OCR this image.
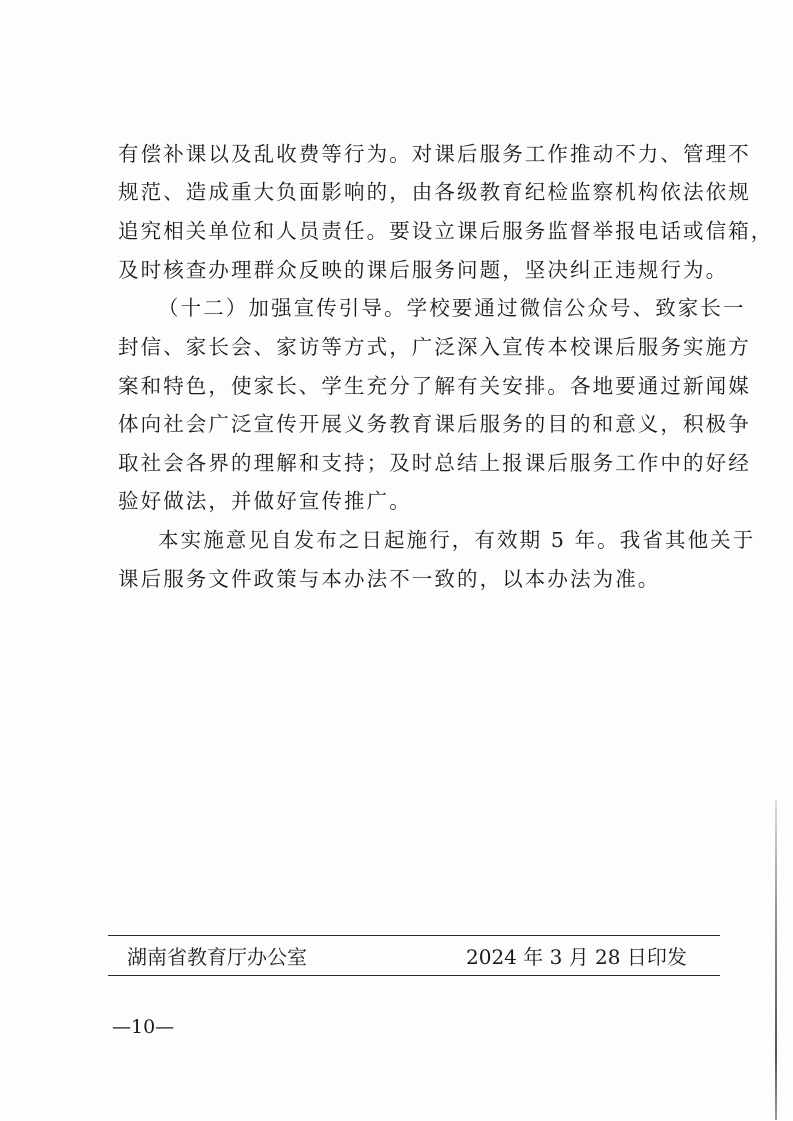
有偿补课以及乱收费等行为。对课后服务工作推动不力、管理不
规范、造成重大负面影响的，由各级教育纪检监察机构依法依规
追究相关单位和人员责任。要设立课后服务监督举报电话或信箱，
及时核查办理群众反映的课后服务问题，坚决纠正违规行为。
（十二）加强宣传引导。学校要通过微信公众号、致家长一
封信、家长会、家访等方式，广泛深入宣传本校课后服务实施方
案和特色，使家长、学生充分了解有关安排。各地要通过新闻媒
体向社会广泛宣传开展义务教育课后服务的目的和意义，积极争
取社会各界的理解和支持；及时总结上报课后服务工作中的好经
验好做法，并做好宣传推广。
本实施意见自发布之日起施行，有效期 5 年。我省其他关于
课后服务文件政策与本办法不一致的，以本办法为准。
湖南省教育厅办公室	2024 年 3 月 28 日印发
—10—
